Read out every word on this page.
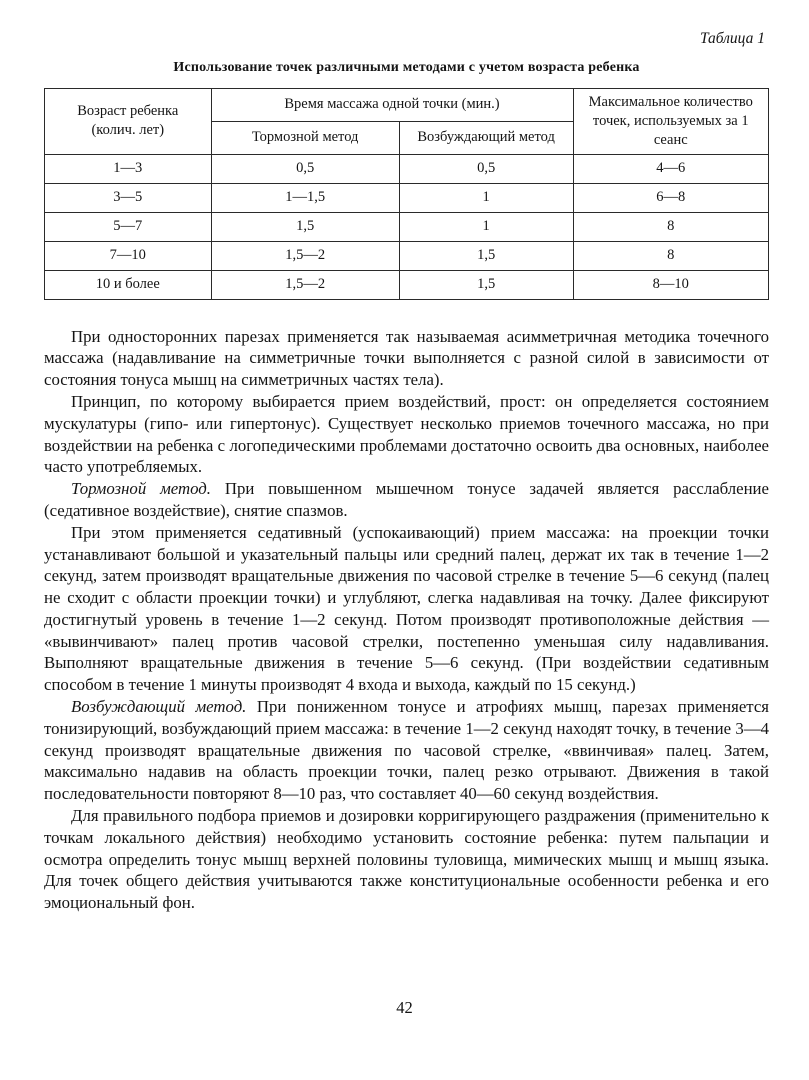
Таблица 1
Использование точек различными методами с учетом возраста ребенка
Возраст ребенка (колич. лет)	Время массажа одной точки (мин.)		Максимальное количество точек, используемых за 1 сеанс
	Тормозной метод	Возбуждающий метод	
1—3	0,5	0,5	4—6
3—5	1—1,5	1	6—8
5—7	1,5	1	8
7—10	1,5—2	1,5	8
10 и более	1,5—2	1,5	8—10

При односторонних парезах применяется так называемая асимметричная методика точечного массажа (надавливание на симметричные точки выполняется с разной силой в зависимости от состояния тонуса мышц на симметричных частях тела).

Принцип, по которому выбирается прием воздействий, прост: он определяется состоянием мускулатуры (гипо- или гипертонус). Существует несколько приемов точечного массажа, но при воздействии на ребенка с логопедическими проблемами достаточно освоить два основных, наиболее часто употребляемых.

Тормозной метод. При повышенном мышечном тонусе задачей является расслабление (седативное воздействие), снятие спазмов.

При этом применяется седативный (успокаивающий) прием массажа: на проекции точки устанавливают большой и указательный пальцы или средний палец, держат их так в течение 1—2 секунд, затем производят вращательные движения по часовой стрелке в течение 5—6 секунд (палец не сходит с области проекции точки) и углубляют, слегка надавливая на точку. Далее фиксируют достигнутый уровень в течение 1—2 секунд. Потом производят противоположные действия — «вывинчивают» палец против часовой стрелки, постепенно уменьшая силу надавливания. Выполняют вращательные движения в течение 5—6 секунд. (При воздействии седативным способом в течение 1 минуты производят 4 входа и выхода, каждый по 15 секунд.)

Возбуждающий метод. При пониженном тонусе и атрофиях мышц, парезах применяется тонизирующий, возбуждающий прием массажа: в течение 1—2 секунд находят точку, в течение 3—4 секунд производят вращательные движения по часовой стрелке, «ввинчивая» палец. Затем, максимально надавив на область проекции точки, палец резко отрывают. Движения в такой последовательности повторяют 8—10 раз, что составляет 40—60 секунд воздействия.

Для правильного подбора приемов и дозировки корригирующего раздражения (применительно к точкам локального действия) необходимо установить состояние ребенка: путем пальпации и осмотра определить тонус мышц верхней половины туловища, мимических мышц и мышц языка. Для точек общего действия учитываются также конституциональные особенности ребенка и его эмоциональный фон.

42
